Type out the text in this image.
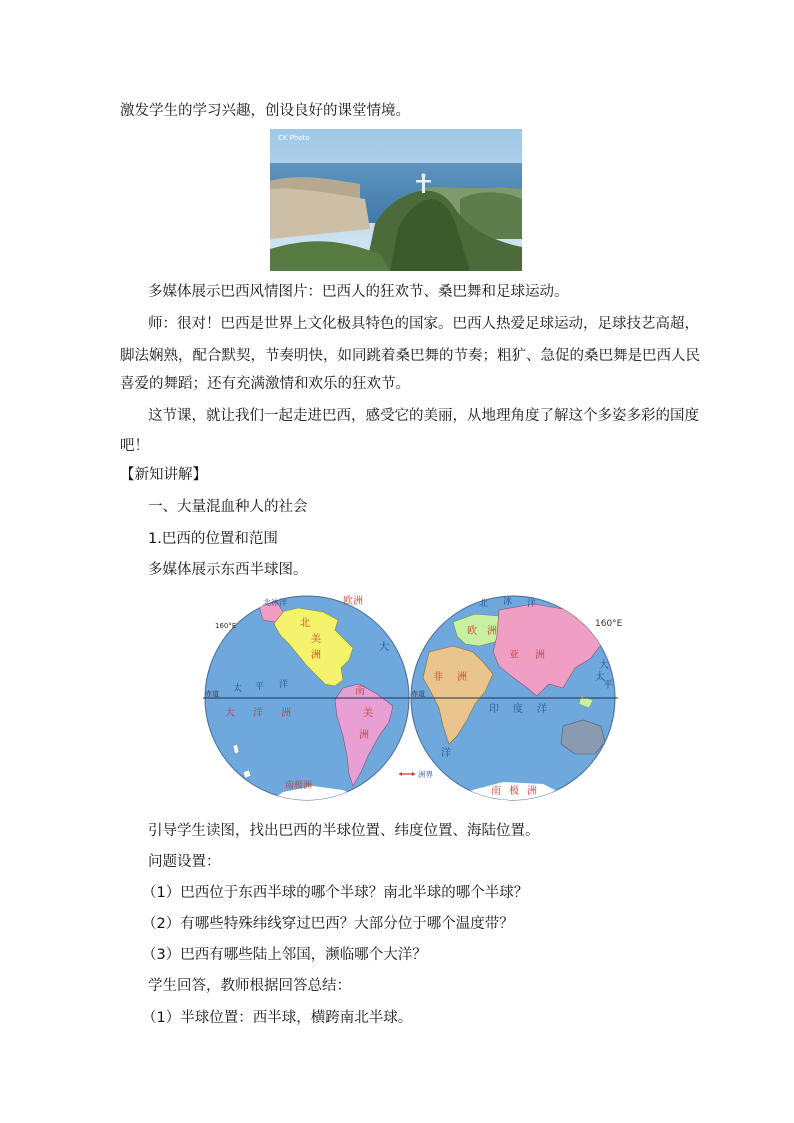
激发学生的学习兴趣，创设良好的课堂情境。
CK Photo
多媒体展示巴西风情图片：巴西人的狂欢节、桑巴舞和足球运动。
师：很对！巴西是世界上文化极具特色的国家。巴西人热爱足球运动，足球技艺高超，
脚法娴熟，配合默契，节奏明快，如同跳着桑巴舞的节奏；粗犷、急促的桑巴舞是巴西人民
喜爱的舞蹈；还有充满激情和欢乐的狂欢节。
这节课，就让我们一起走进巴西，感受它的美丽，从地理角度了解这个多姿多彩的国度
吧！
【新知讲解】
一、大量混血种人的社会
1.巴西的位置和范围
多媒体展示东西半球图。
北冰洋	欧洲
北
美
洲
大
太 平 洋
大 洋 洲
南
美
洲
南极洲
160°E
赤道
北 冰 洋
欧 洲
亚 洲
非 洲
160°E
赤道
大
平
太
印 度 洋
洋
南 极 洲
洲界
引导学生读图，找出巴西的半球位置、纬度位置、海陆位置。
问题设置：
（1）巴西位于东西半球的哪个半球？南北半球的哪个半球？
（2）有哪些特殊纬线穿过巴西？大部分位于哪个温度带？
（3）巴西有哪些陆上邻国，濒临哪个大洋？
学生回答，教师根据回答总结：
（1）半球位置：西半球，横跨南北半球。
